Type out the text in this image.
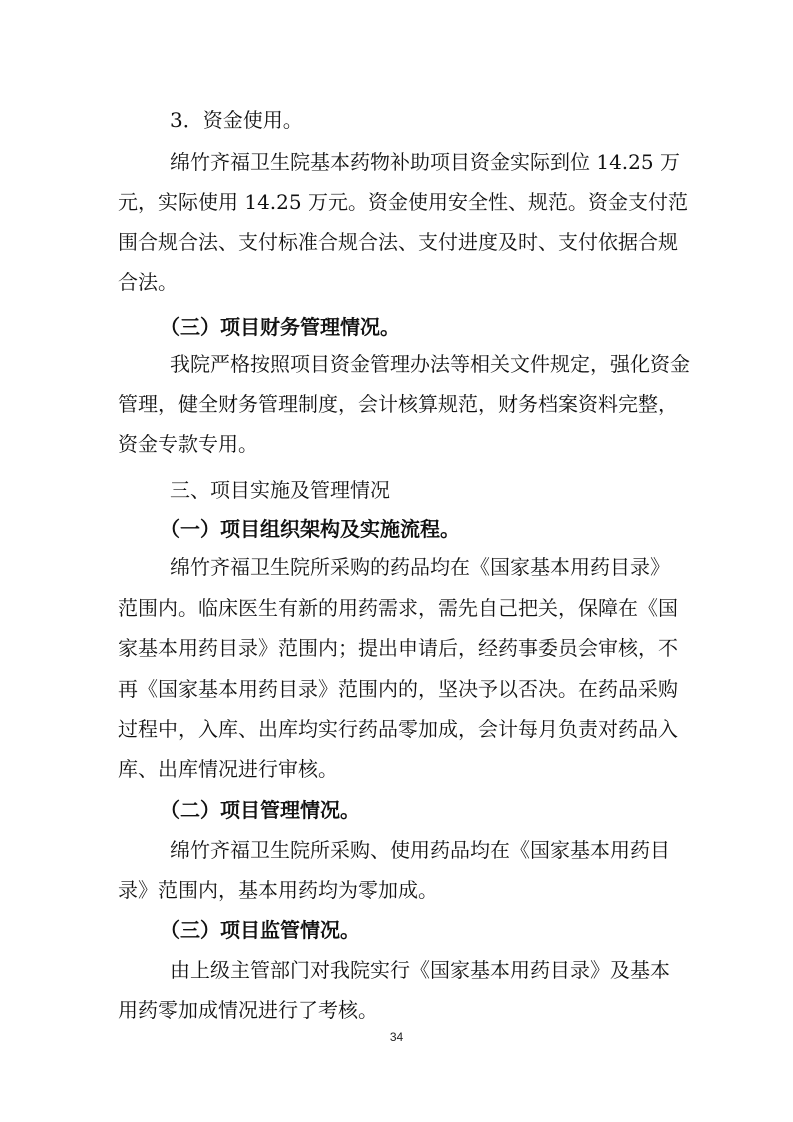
3．资金使用。
绵竹齐福卫生院基本药物补助项目资金实际到位 14.25 万
元，实际使用 14.25 万元。资金使用安全性、规范。资金支付范
围合规合法、支付标准合规合法、支付进度及时、支付依据合规
合法。
（三）项目财务管理情况。
我院严格按照项目资金管理办法等相关文件规定，强化资金
管理，健全财务管理制度，会计核算规范，财务档案资料完整，
资金专款专用。
三、项目实施及管理情况
（一）项目组织架构及实施流程。
绵竹齐福卫生院所采购的药品均在《国家基本用药目录》
范围内。临床医生有新的用药需求，需先自己把关，保障在《国
家基本用药目录》范围内；提出申请后，经药事委员会审核，不
再《国家基本用药目录》范围内的，坚决予以否决。在药品采购
过程中，入库、出库均实行药品零加成，会计每月负责对药品入
库、出库情况进行审核。
（二）项目管理情况。
绵竹齐福卫生院所采购、使用药品均在《国家基本用药目
录》范围内，基本用药均为零加成。
（三）项目监管情况。
由上级主管部门对我院实行《国家基本用药目录》及基本
用药零加成情况进行了考核。
34
